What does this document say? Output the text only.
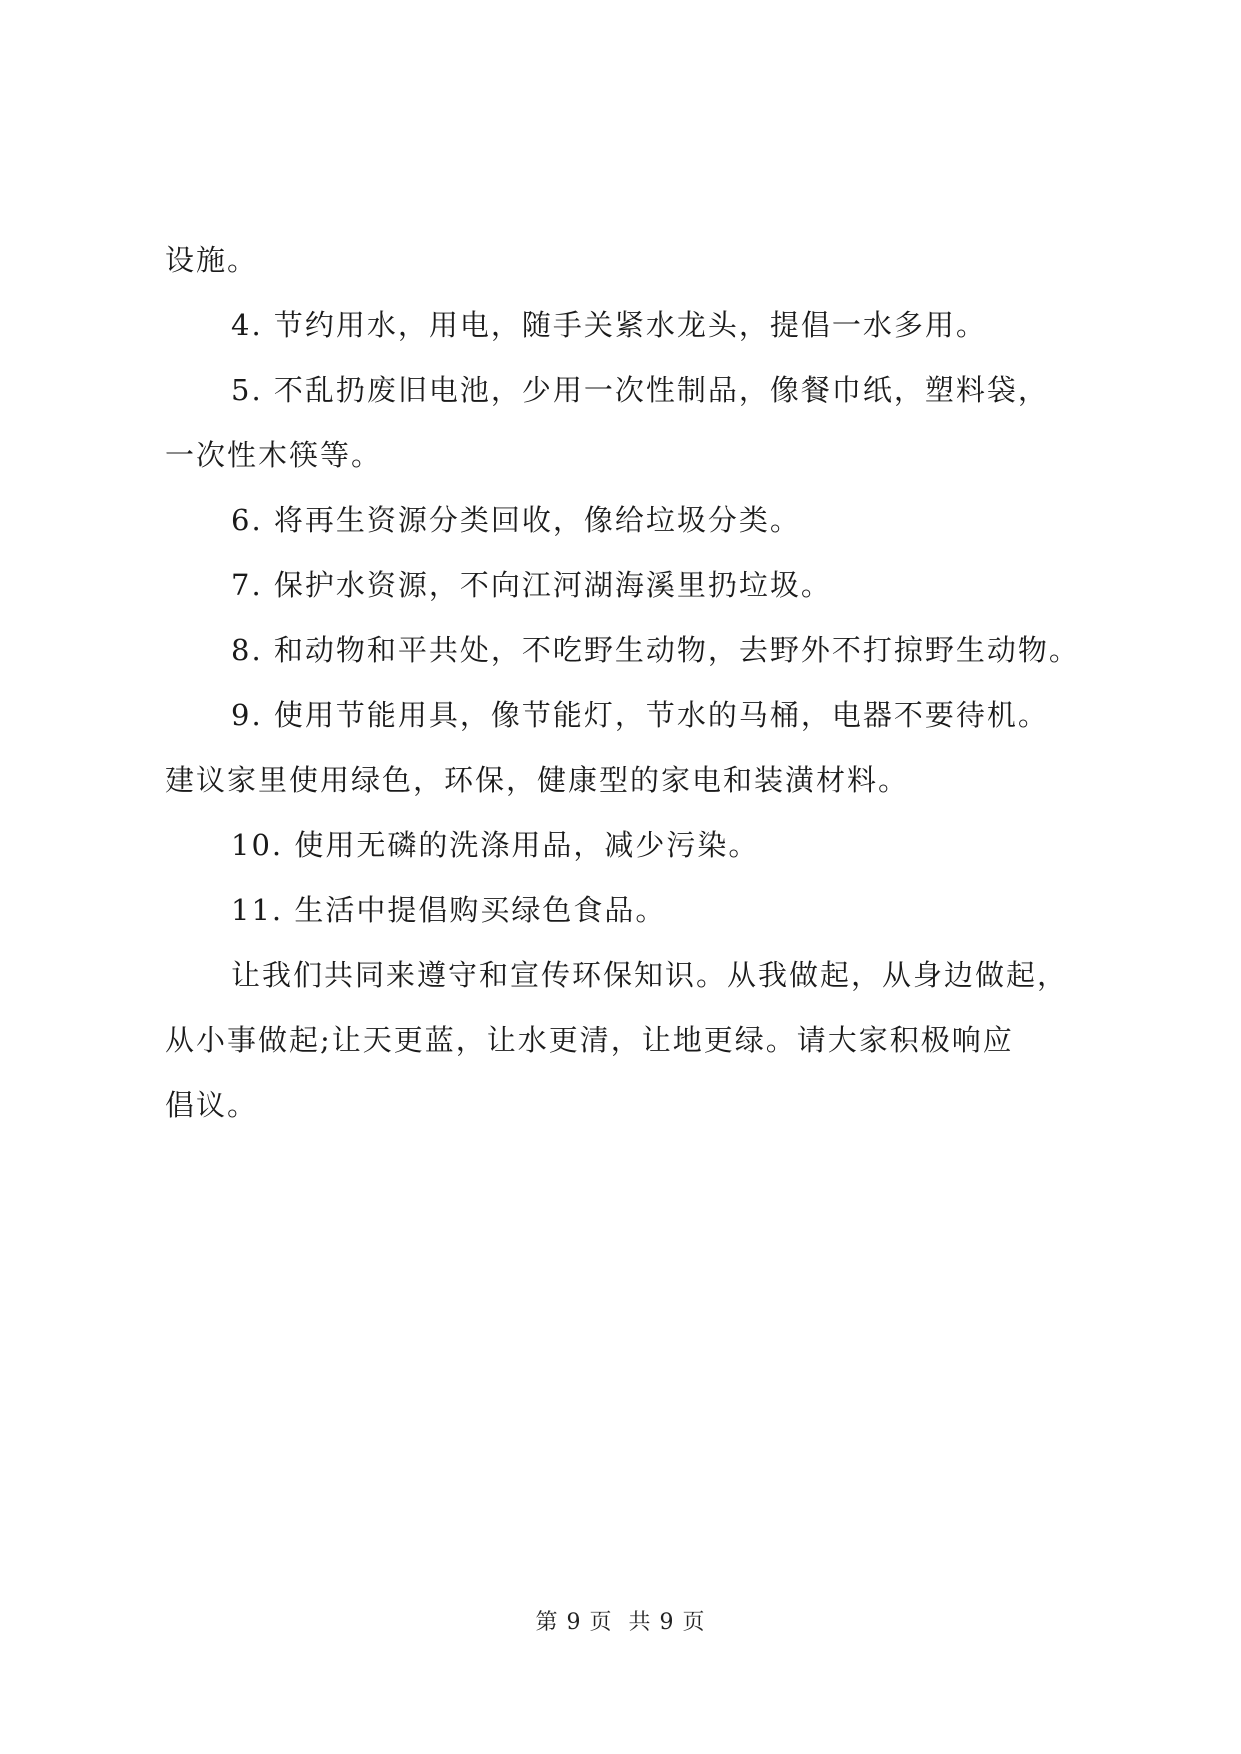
设施。

4. 节约用水，用电，随手关紧水龙头，提倡一水多用。

5. 不乱扔废旧电池，少用一次性制品，像餐巾纸，塑料袋，

一次性木筷等。

6. 将再生资源分类回收，像给垃圾分类。

7. 保护水资源，不向江河湖海溪里扔垃圾。

8. 和动物和平共处，不吃野生动物，去野外不打掠野生动物。

9. 使用节能用具，像节能灯，节水的马桶，电器不要待机。

建议家里使用绿色，环保，健康型的家电和装潢材料。

10. 使用无磷的洗涤用品，减少污染。

11. 生活中提倡购买绿色食品。

让我们共同来遵守和宣传环保知识。从我做起，从身边做起，

从小事做起;让天更蓝，让水更清，让地更绿。请大家积极响应

倡议。

第 9 页  共 9 页
